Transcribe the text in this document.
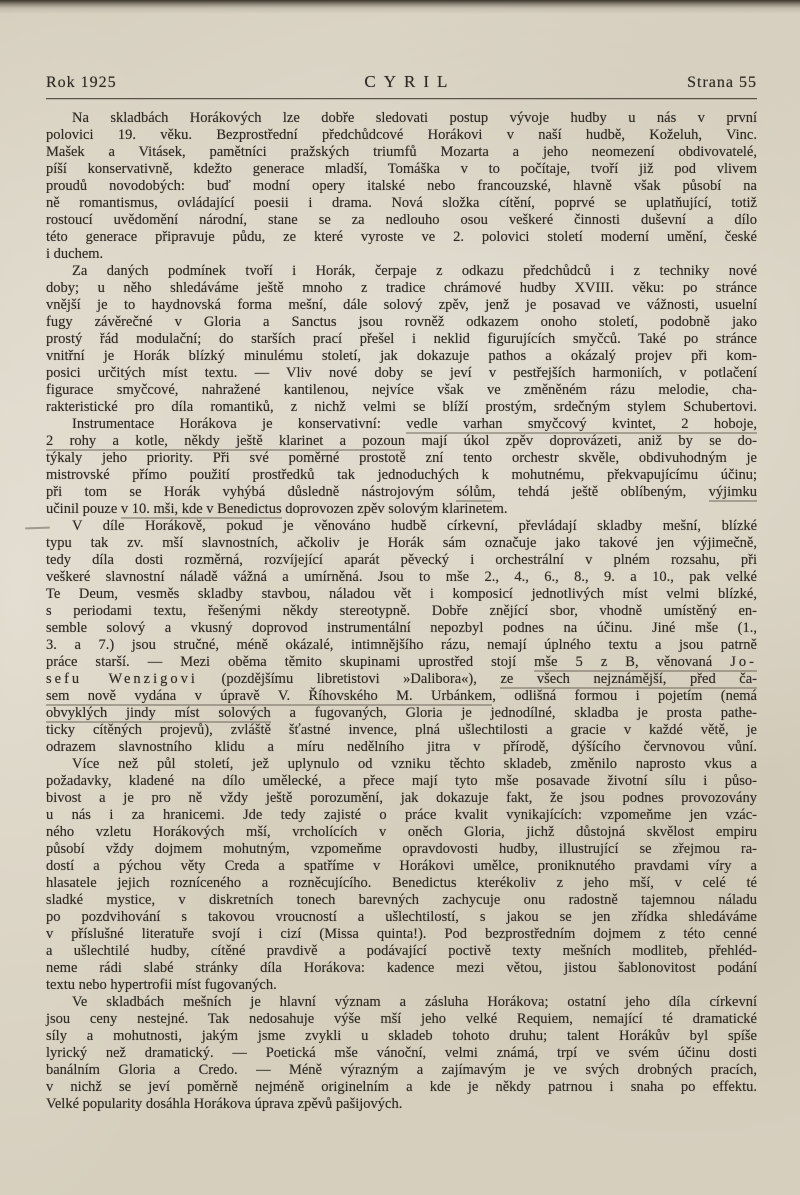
Rok 1925	CYRIL	Strana 55
Na skladbách Horákových lze dobře sledovati postup vývoje hudby u nás v první
polovici 19. věku. Bezprostřední předchůdcové Horákovi v naší hudbě, Koželuh, Vinc.
Mašek a Vitásek, pamětníci pražských triumfů Mozarta a jeho neomezení obdivovatelé,
píší konservativně, kdežto generace mladší, Tomáška v to počítaje, tvoří již pod vlivem
proudů novodobých: buď modní opery italské nebo francouzské, hlavně však působí na
ně romantismus, ovládající poesii i drama. Nová složka cítění, poprvé se uplatňující, totiž
rostoucí uvědomění národní, stane se za nedlouho osou veškeré činnosti duševní a dílo
této generace připravuje půdu, ze které vyroste ve 2. polovici století moderní umění, české
i duchem.
Za daných podmínek tvoří i Horák, čerpaje z odkazu předchůdců i z techniky nové
doby; u něho shledáváme ještě mnoho z tradice chrámové hudby XVIII. věku: po stránce
vnější je to haydnovská forma mešní, dále solový zpěv, jenž je posavad ve vážnosti, usuelní
fugy závěrečné v Gloria a Sanctus jsou rovněž odkazem onoho století, podobně jako
prostý řád modulační; do starších prací přešel i neklid figurujících smyčců. Také po stránce
vnitřní je Horák blízký minulému století, jak dokazuje pathos a okázalý projev při kom-
posici určitých míst textu. — Vliv nové doby se jeví v pestřejších harmoniích, v potlačení
figurace smyčcové, nahražené kantilenou, nejvíce však ve změněném rázu melodie, cha-
rakteristické pro díla romantiků, z nichž velmi se blíží prostým, srdečným stylem Schubertovi.
Instrumentace Horákova je konservativní: vedle varhan smyčcový kvintet, 2 hoboje,
2 rohy a kotle, někdy ještě klarinet a pozoun mají úkol zpěv doprovázeti, aniž by se do-
týkaly jeho priority. Při své poměrné prostotě zní tento orchestr skvěle, obdivuhodným je
mistrovské přímo použití prostředků tak jednoduchých k mohutnému, překvapujícímu účinu;
při tom se Horák vyhýbá důsledně nástrojovým sólům, tehdá ještě oblíbeným, výjimku
učinil pouze v 10. mši, kde v Benedictus doprovozen zpěv solovým klarinetem.
V díle Horákově, pokud je věnováno hudbě církevní, převládají skladby mešní, blízké
typu tak zv. mší slavnostních, ačkoliv je Horák sám označuje jako takové jen výjimečně,
tedy díla dosti rozměrná, rozvíjející aparát pěvecký i orchestrální v plném rozsahu, při
veškeré slavnostní náladě vážná a umírněná. Jsou to mše 2., 4., 6., 8., 9. a 10., pak velké
Te Deum, vesměs skladby stavbou, náladou vět i komposicí jednotlivých míst velmi blízké,
s periodami textu, řešenými někdy stereotypně. Dobře znějící sbor, vhodně umístěný en-
semble solový a vkusný doprovod instrumentální nepozbyl podnes na účinu. Jiné mše (1.,
3. a 7.) jsou stručné, méně okázalé, intimnějšího rázu, nemají úplného textu a jsou patrně
práce starší. — Mezi oběma těmito skupinami uprostřed stojí mše 5 z B, věnovaná Jo-
sefu Wenzigovi (pozdějšímu libretistovi »Dalibora«), ze všech nejznámější, před ča-
sem nově vydána v úpravě V. Říhovského M. Urbánkem, odlišná formou i pojetím (nemá
obvyklých jindy míst solových a fugovaných, Gloria je jednodílné, skladba je prosta pathe-
ticky cítěných projevů), zvláště šťastné invence, plná ušlechtilosti a gracie v každé větě, je
odrazem slavnostního klidu a míru nedělního jitra v přírodě, dýšícího červnovou vůní.
Více než půl století, jež uplynulo od vzniku těchto skladeb, změnilo naprosto vkus a
požadavky, kladené na dílo umělecké, a přece mají tyto mše posavade životní sílu i půso-
bivost a je pro ně vždy ještě porozumění, jak dokazuje fakt, že jsou podnes provozovány
u nás i za hranicemi. Jde tedy zajisté o práce kvalit vynikajících: vzpomeňme jen vzác-
ného vzletu Horákových mší, vrcholících v oněch Gloria, jichž důstojná skvělost empiru
působí vždy dojmem mohutným, vzpomeňme opravdovosti hudby, illustrující se zřejmou ra-
dostí a pýchou věty Creda a spatříme v Horákovi umělce, proniknutého pravdami víry a
hlasatele jejich rozníceného a rozněcujícího. Benedictus kterékoliv z jeho mší, v celé té
sladké mystice, v diskretních tonech barevných zachycuje onu radostně tajemnou náladu
po pozdvihování s takovou vroucností a ušlechtilostí, s jakou se jen zřídka shledáváme
v příslušné literatuře svojí i cizí (Missa quinta!). Pod bezprostředním dojmem z této cenné
a ušlechtilé hudby, cítěné pravdivě a podávající poctivě texty mešních modliteb, přehléd-
neme rádi slabé stránky díla Horákova: kadence mezi větou, jistou šablonovitost podání
textu nebo hypertrofii míst fugovaných.
Ve skladbách mešních je hlavní význam a zásluha Horákova; ostatní jeho díla církevní
jsou ceny nestejné. Tak nedosahuje výše mší jeho velké Requiem, nemající té dramatické
síly a mohutnosti, jakým jsme zvykli u skladeb tohoto druhu; talent Horákův byl spíše
lyrický než dramatický. — Poetická mše vánoční, velmi známá, trpí ve svém účinu dosti
banálním Gloria a Credo. — Méně výrazným a zajímavým je ve svých drobných pracích,
v nichž se jeví poměrně nejméně originelním a kde je někdy patrnou i snaha po effektu.
Velké popularity dosáhla Horákova úprava zpěvů pašijových.
